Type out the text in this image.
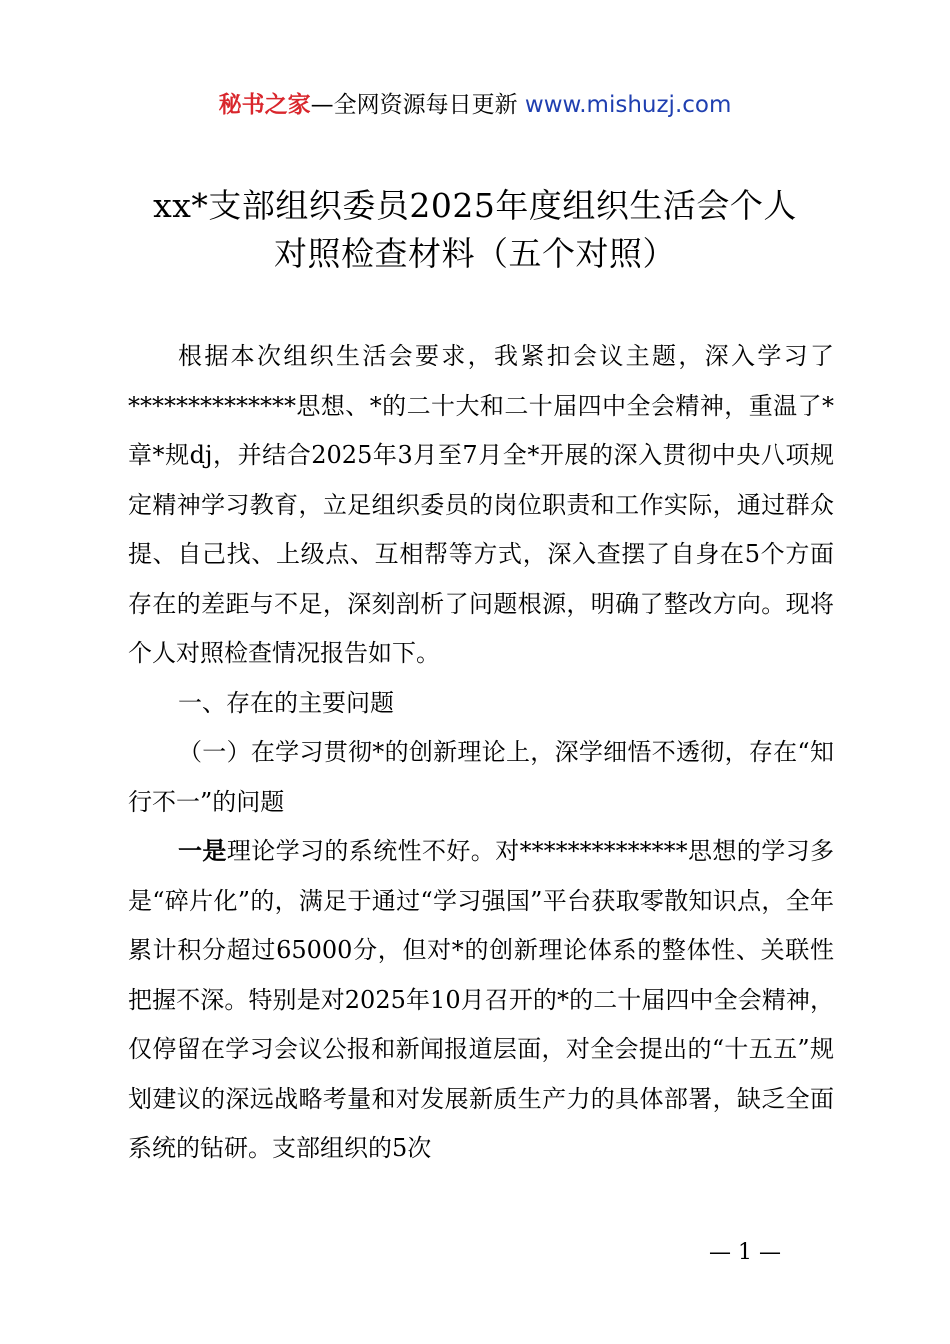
秘书之家—全网资源每日更新 www.mishuzj.com
xx*支部组织委员2025年度组织生活会个人
对照检查材料（五个对照）

根据本次组织生活会要求，我紧扣会议主题，深入学习了**************思想、*的二十大和二十届四中全会精神，重温了*章*规dj，并结合2025年3月至7月全*开展的深入贯彻中央八项规定精神学习教育，立足组织委员的岗位职责和工作实际，通过群众提、自己找、上级点、互相帮等方式，深入查摆了自身在5个方面存在的差距与不足，深刻剖析了问题根源，明确了整改方向。现将个人对照检查情况报告如下。

一、存在的主要问题

（一）在学习贯彻*的创新理论上，深学细悟不透彻，存在“知行不一”的问题

一是理论学习的系统性不好。对**************思想的学习多是“碎片化”的，满足于通过“学习强国”平台获取零散知识点，全年累计积分超过65000分，但对*的创新理论体系的整体性、关联性把握不深。特别是对2025年10月召开的*的二十届四中全会精神，仅停留在学习会议公报和新闻报道层面，对全会提出的“十五五”规划建议的深远战略考量和对发展新质生产力的具体部署，缺乏全面系统的钻研。支部组织的5次

— 1 —
